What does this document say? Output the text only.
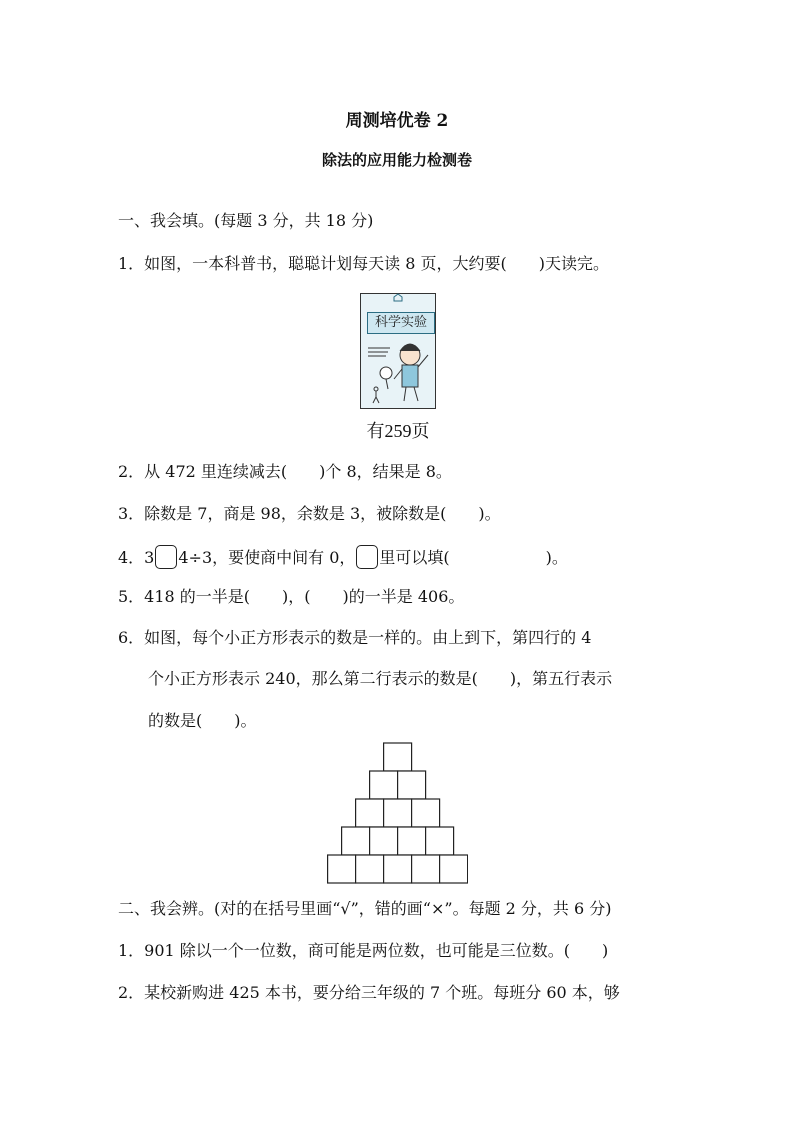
周测培优卷 2
除法的应用能力检测卷
一、我会填。(每题 3 分，共 18 分)
1．如图，一本科普书，聪聪计划每天读 8 页，大约要(　　)天读完。
科学实验
有259页
2．从 472 里连续减去(　　)个 8，结果是 8。
3．除数是 7，商是 98，余数是 3，被除数是(　　)。
4．3 4÷3，要使商中间有 0， 里可以填(　　　　　　)。
5．418 的一半是(　　)，(　　)的一半是 406。
6．如图，每个小正方形表示的数是一样的。由上到下，第四行的 4
个小正方形表示 240，那么第二行表示的数是(　　)，第五行表示
的数是(　　)。
二、我会辨。(对的在括号里画“√”，错的画“×”。每题 2 分，共 6 分)
1．901 除以一个一位数，商可能是两位数，也可能是三位数。(　　)
2．某校新购进 425 本书，要分给三年级的 7 个班。每班分 60 本，够
